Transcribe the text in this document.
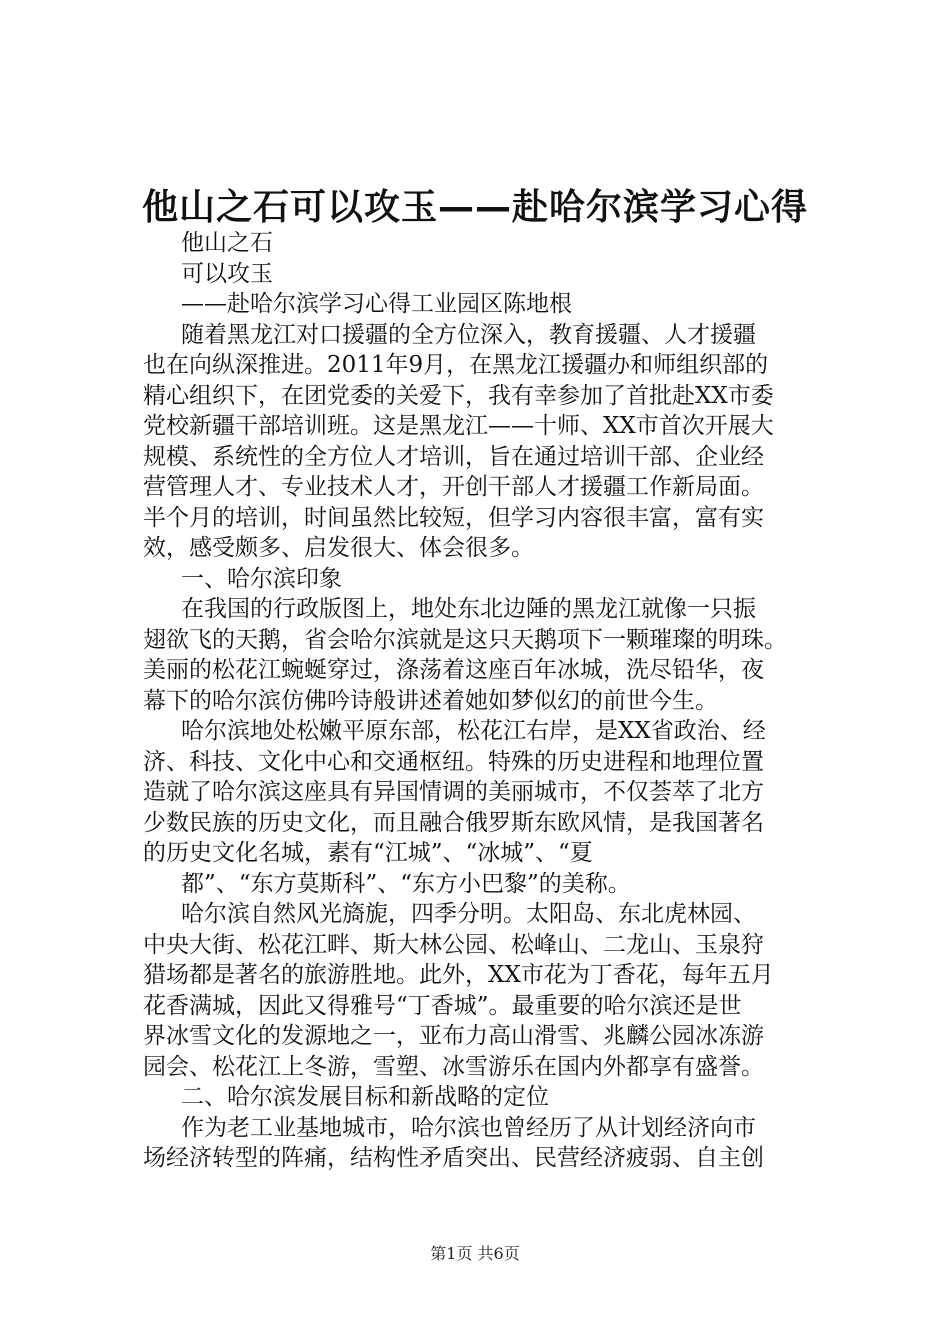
他山之石可以攻玉——赴哈尔滨学习心得
他山之石
可以攻玉
——赴哈尔滨学习心得工业园区陈地根
随着黑龙江对口援疆的全方位深入，教育援疆、人才援疆
也在向纵深推进。2011年9月，在黑龙江援疆办和师组织部的
精心组织下，在团党委的关爱下，我有幸参加了首批赴XX市委
党校新疆干部培训班。这是黑龙江——十师、XX市首次开展大
规模、系统性的全方位人才培训，旨在通过培训干部、企业经
营管理人才、专业技术人才，开创干部人才援疆工作新局面。
半个月的培训，时间虽然比较短，但学习内容很丰富，富有实
效，感受颇多、启发很大、体会很多。
一、哈尔滨印象
在我国的行政版图上，地处东北边陲的黑龙江就像一只振
翅欲飞的天鹅，省会哈尔滨就是这只天鹅项下一颗璀璨的明珠。
美丽的松花江蜿蜒穿过，涤荡着这座百年冰城，洗尽铅华，夜
幕下的哈尔滨仿佛吟诗般讲述着她如梦似幻的前世今生。
哈尔滨地处松嫩平原东部，松花江右岸，是XX省政治、经
济、科技、文化中心和交通枢纽。特殊的历史进程和地理位置
造就了哈尔滨这座具有异国情调的美丽城市，不仅荟萃了北方
少数民族的历史文化，而且融合俄罗斯东欧风情，是我国著名
的历史文化名城，素有“江城”、“冰城”、“夏
都”、“东方莫斯科”、“东方小巴黎”的美称。
哈尔滨自然风光旖旎，四季分明。太阳岛、东北虎林园、
中央大街、松花江畔、斯大林公园、松峰山、二龙山、玉泉狩
猎场都是著名的旅游胜地。此外，XX市花为丁香花，每年五月
花香满城，因此又得雅号“丁香城”。最重要的哈尔滨还是世
界冰雪文化的发源地之一，亚布力高山滑雪、兆麟公园冰冻游
园会、松花江上冬游，雪塑、冰雪游乐在国内外都享有盛誉。
二、哈尔滨发展目标和新战略的定位
作为老工业基地城市，哈尔滨也曾经历了从计划经济向市
场经济转型的阵痛，结构性矛盾突出、民营经济疲弱、自主创
第1页 共6页
